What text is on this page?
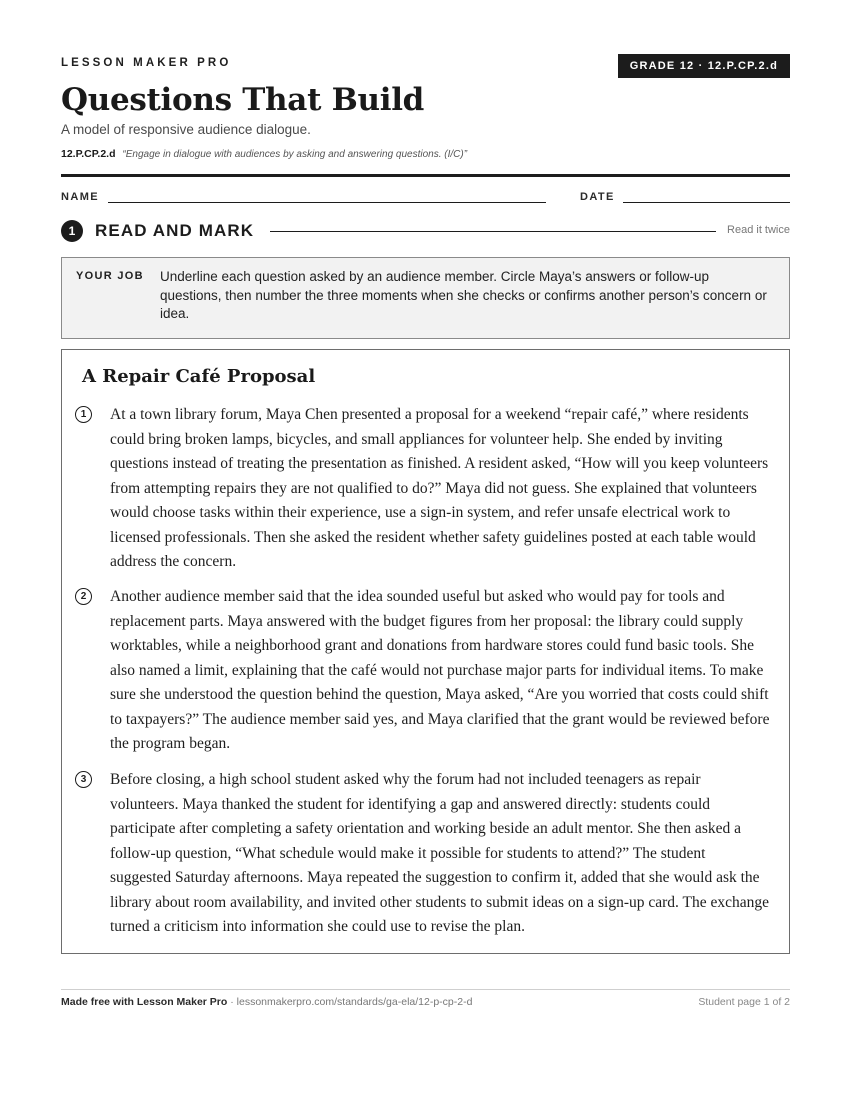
LESSON MAKER PRO	GRADE 12 · 12.P.CP.2.d
Questions That Build
A model of responsive audience dialogue.
12.P.CP.2.d “Engage in dialogue with audiences by asking and answering questions. (I/C)”
NAME	DATE
1	READ AND MARK	Read it twice
YOUR JOB Underline each question asked by an audience member. Circle Maya’s answers or follow-up questions, then number the three moments when she checks or confirms another person’s concern or idea.
A Repair Café Proposal
1	At a town library forum, Maya Chen presented a proposal for a weekend “repair café,” where residents could bring broken lamps, bicycles, and small appliances for volunteer help. She ended by inviting questions instead of treating the presentation as finished. A resident asked, “How will you keep volunteers from attempting repairs they are not qualified to do?” Maya did not guess. She explained that volunteers would choose tasks within their experience, use a sign-in system, and refer unsafe electrical work to licensed professionals. Then she asked the resident whether safety guidelines posted at each table would address the concern.
2	Another audience member said that the idea sounded useful but asked who would pay for tools and replacement parts. Maya answered with the budget figures from her proposal: the library could supply worktables, while a neighborhood grant and donations from hardware stores could fund basic tools. She also named a limit, explaining that the café would not purchase major parts for individual items. To make sure she understood the question behind the question, Maya asked, “Are you worried that costs could shift to taxpayers?” The audience member said yes, and Maya clarified that the grant would be reviewed before the program began.
3	Before closing, a high school student asked why the forum had not included teenagers as repair volunteers. Maya thanked the student for identifying a gap and answered directly: students could participate after completing a safety orientation and working beside an adult mentor. She then asked a follow-up question, “What schedule would make it possible for students to attend?” The student suggested Saturday afternoons. Maya repeated the suggestion to confirm it, added that she would ask the library about room availability, and invited other students to submit ideas on a sign-up card. The exchange turned a criticism into information she could use to revise the plan.
Made free with Lesson Maker Pro · lessonmakerpro.com/standards/ga-ela/12-p-cp-2-d	Student page 1 of 2
